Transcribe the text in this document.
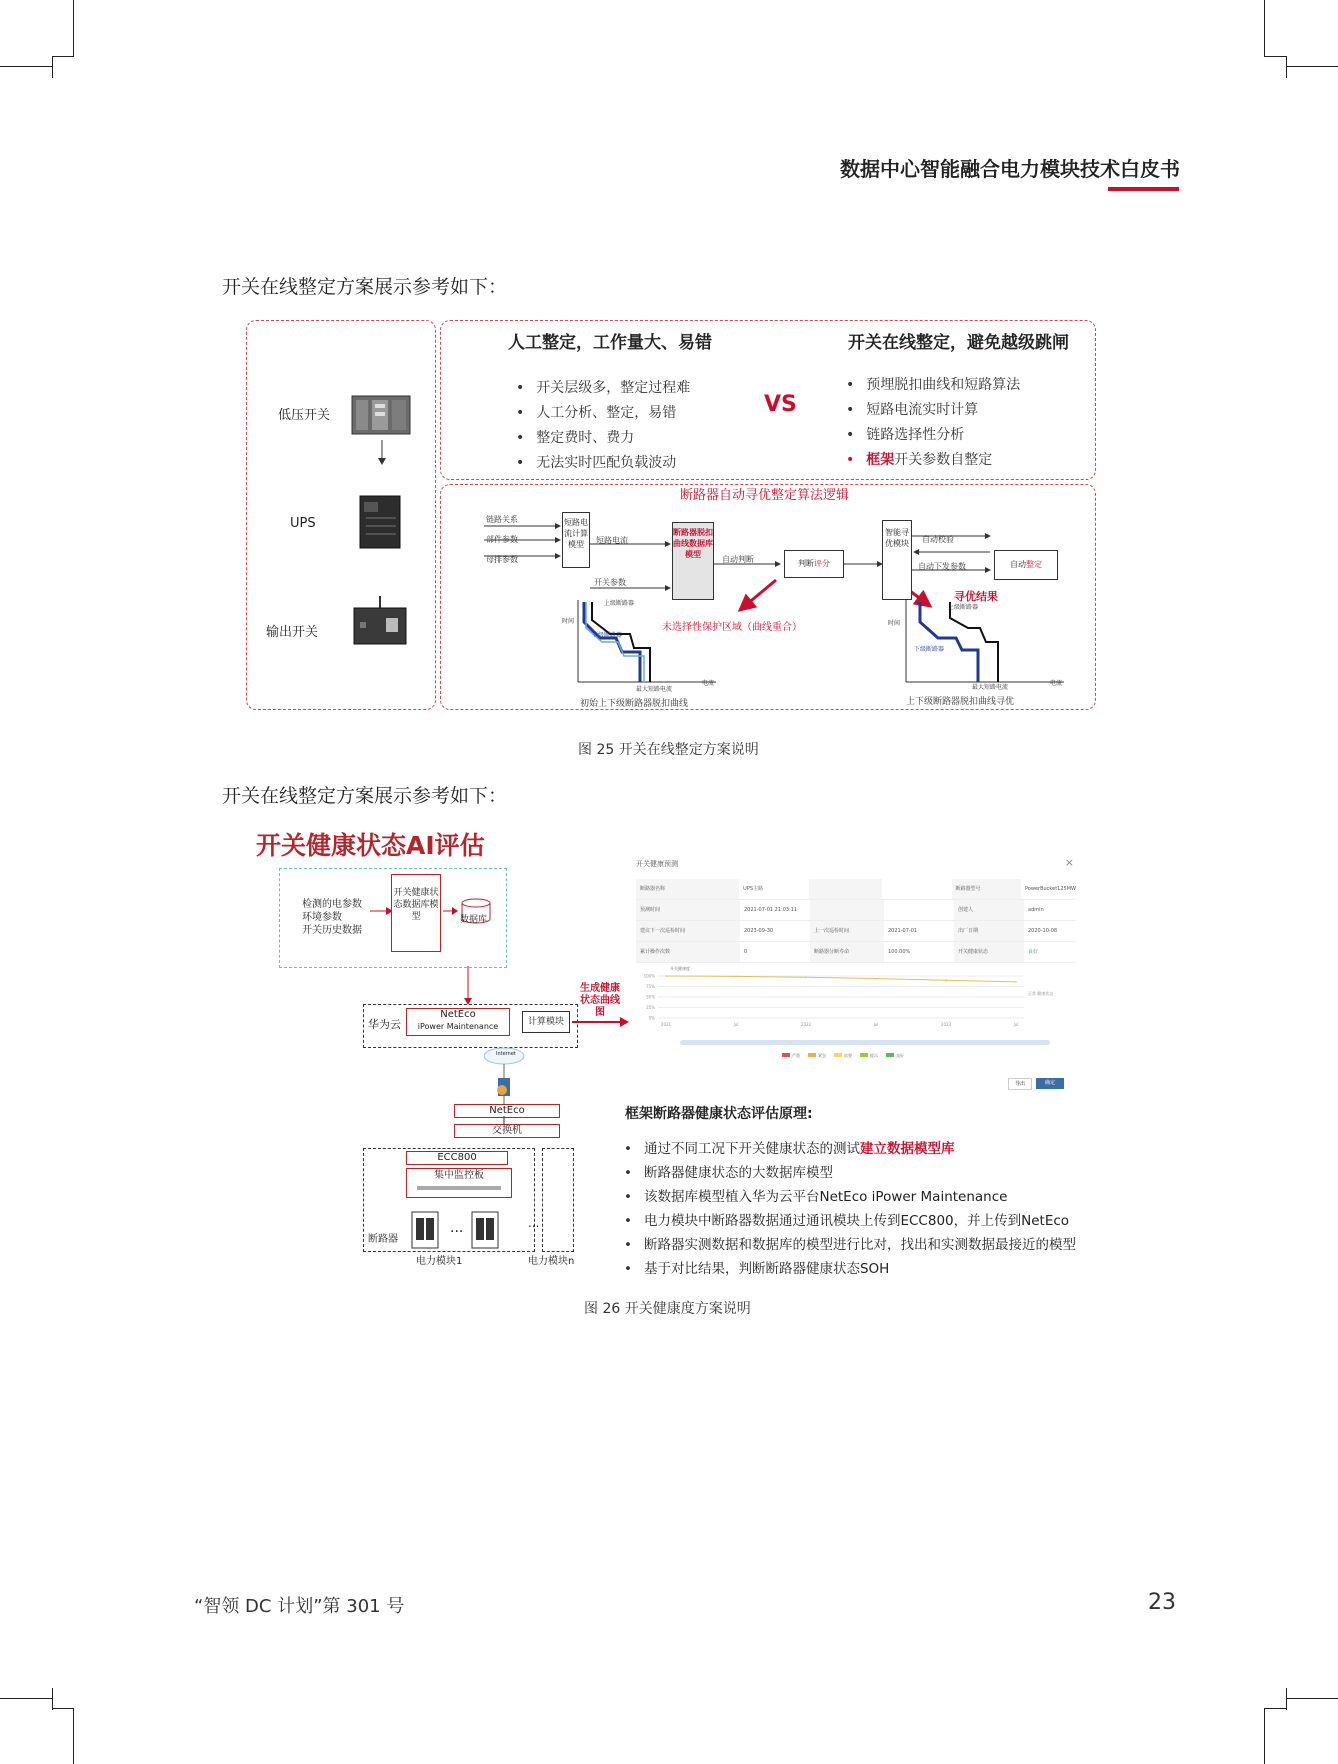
数据中心智能融合电力模块技术白皮书
开关在线整定方案展示参考如下：
低压开关
UPS
输出开关
人工整定，工作量大、易错
• 开关层级多，整定过程难
• 人工分析、整定，易错
• 整定费时、费力
• 无法实时匹配负载波动
VS
开关在线整定，避免越级跳闸
• 预埋脱扣曲线和短路算法
• 短路电流实时计算
• 链路选择性分析
• 框架开关参数自整定
断路器自动寻优整定算法逻辑
链路关系
部件参数
母排参数
短路电流计算模型	短路电流
开关参数
断路器脱扣曲线数据库模型
自动判断	判断评分
智能寻优模块	自动校验
自动下发参数	自动整定
未选择性保护区域（曲线重合）
寻优结果
上级断路器
下级断路器
时间
电流
最大短路电流
初始上下级断路器脱扣曲线
上级断路器
下级断路器
时间
电流
最大短路电流
上下级断路器脱扣曲线寻优
图 25 开关在线整定方案说明
开关在线整定方案展示参考如下：
开关健康状态AI评估
检测的电参数
环境参数
开关历史数据
开关健康状态数据库模型	数据库
华为云
NetEco
iPower Maintenance	计算模块
生成健康状态曲线图
Internet
NetEco
交换机
ECC800
集中监控板
...	...
断路器
电力模块1	电力模块n
开关健康预测	×
断路器名称	UPS主路	断路器型号	PowerBucket125MW
预测时间	2021-07-01 21:03:11	创建人	admin
建议下一次巡检时间	2023-09-30	上一次巡检时间	2021-07-01	出厂日期	2020-10-08
累计操作次数	0	断路器分断寿命	100.00%	开关健康状态	良好
开关健康度
100%
75%
50%
25%
0%
2021	Jul	2022	Jul	2023	Jul
正常 健康状态
严重	紧急	次要	提示	良好
导出	确定
框架断路器健康状态评估原理:
• 通过不同工况下开关健康状态的测试建立数据模型库
• 断路器健康状态的大数据库模型
• 该数据库模型植入华为云平台NetEco iPower Maintenance
• 电力模块中断路器数据通过通讯模块上传到ECC800，并上传到NetEco
• 断路器实测数据和数据库的模型进行比对，找出和实测数据最接近的模型
• 基于对比结果，判断断路器健康状态SOH
图 26 开关健康度方案说明
“智领 DC 计划”第 301 号	23
